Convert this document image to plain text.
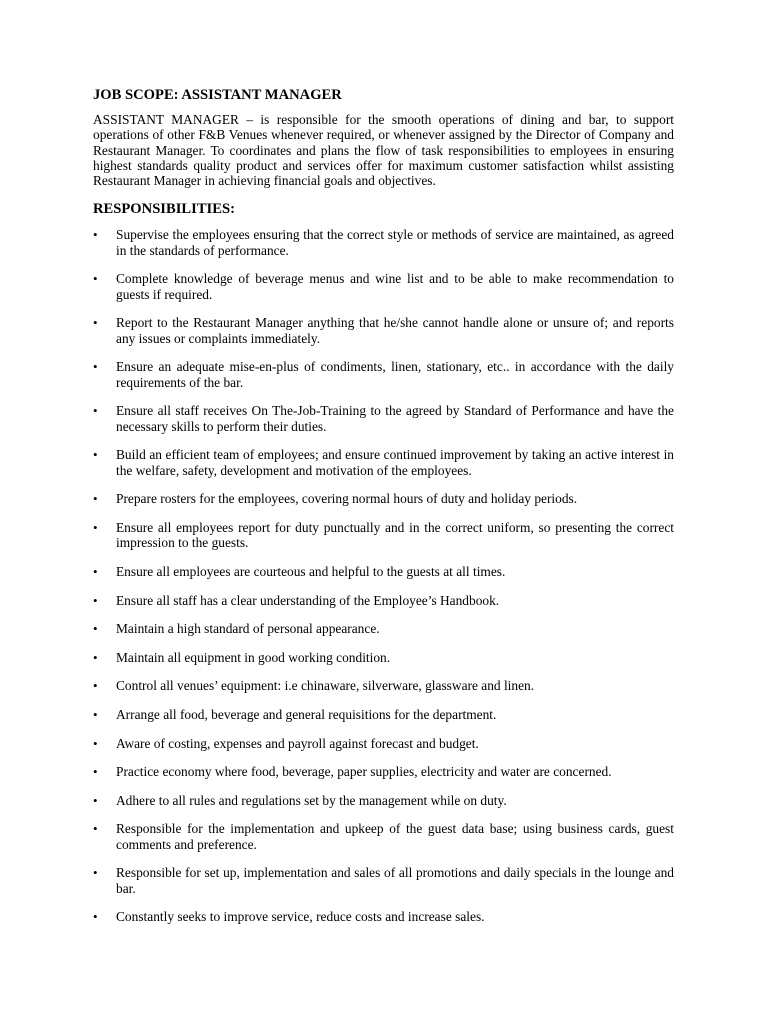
JOB SCOPE: ASSISTANT MANAGER
ASSISTANT MANAGER – is responsible for the smooth operations of dining and bar, to support operations of other F&B Venues whenever required, or whenever assigned by the Director of Company and Restaurant Manager. To coordinates and plans the flow of task responsibilities to employees in ensuring highest standards quality product and services offer for maximum customer satisfaction whilst assisting Restaurant Manager in achieving financial goals and objectives.
RESPONSIBILITIES:
•	Supervise the employees ensuring that the correct style or methods of service are maintained, as agreed in the standards of performance.
•	Complete knowledge of beverage menus and wine list and to be able to make recommendation to guests if required.
•	Report to the Restaurant Manager anything that he/she cannot handle alone or unsure of; and reports any issues or complaints immediately.
•	Ensure an adequate mise-en-plus of condiments, linen, stationary, etc.. in accordance with the daily requirements of the bar.
•	Ensure all staff receives On The-Job-Training to the agreed by Standard of Performance and have the necessary skills to perform their duties.
•	Build an efficient team of employees; and ensure continued improvement by taking an active interest in the welfare, safety, development and motivation of the employees.
•	Prepare rosters for the employees, covering normal hours of duty and holiday periods.
•	Ensure all employees report for duty punctually and in the correct uniform, so presenting the correct impression to the guests.
•	Ensure all employees are courteous and helpful to the guests at all times.
•	Ensure all staff has a clear understanding of the Employee’s Handbook.
•	Maintain a high standard of personal appearance.
•	Maintain all equipment in good working condition.
•	Control all venues’ equipment: i.e chinaware, silverware, glassware and linen.
•	Arrange all food, beverage and general requisitions for the department.
•	Aware of costing, expenses and payroll against forecast and budget.
•	Practice economy where food, beverage, paper supplies, electricity and water are concerned.
•	Adhere to all rules and regulations set by the management while on duty.
•	Responsible for the implementation and upkeep of the guest data base; using business cards, guest comments and preference.
•	Responsible for set up, implementation and sales of all promotions and daily specials in the lounge and bar.
•	Constantly seeks to improve service, reduce costs and increase sales.
